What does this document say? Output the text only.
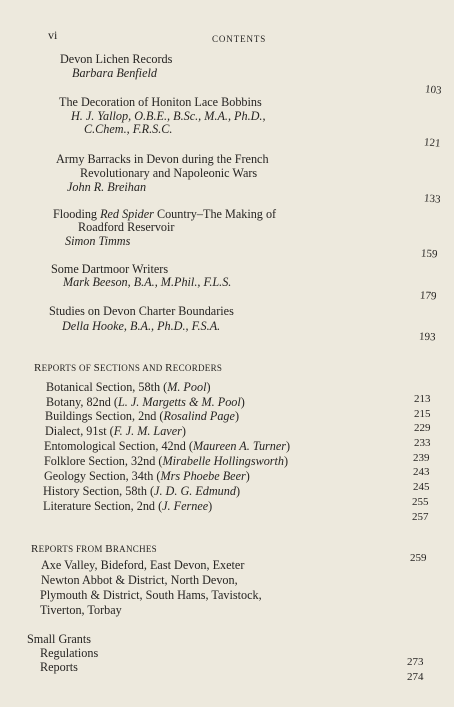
vi	CONTENTS
Devon Lichen Records
Barbara Benfield
103
The Decoration of Honiton Lace Bobbins
H. J. Yallop, O.B.E., B.Sc., M.A., Ph.D.,
C.Chem., F.R.S.C.
121
Army Barracks in Devon during the French
Revolutionary and Napoleonic Wars
John R. Breihan
133
Flooding Red Spider Country–The Making of
Roadford Reservoir
Simon Timms
159
Some Dartmoor Writers
Mark Beeson, B.A., M.Phil., F.L.S.
179
Studies on Devon Charter Boundaries
Della Hooke, B.A., Ph.D., F.S.A.
193
REPORTS OF SECTIONS AND RECORDERS
Botanical Section, 58th (M. Pool)
Botany, 82nd (L. J. Margetts & M. Pool)
Buildings Section, 2nd (Rosalind Page)
Dialect, 91st (F. J. M. Laver)
Entomological Section, 42nd (Maureen A. Turner)
Folklore Section, 32nd (Mirabelle Hollingsworth)
Geology Section, 34th (Mrs Phoebe Beer)
History Section, 58th (J. D. G. Edmund)
Literature Section, 2nd (J. Fernee)
213
215
229
233
239
243
245
255
257
REPORTS FROM BRANCHES
Axe Valley, Bideford, East Devon, Exeter
Newton Abbot & District, North Devon,
Plymouth & District, South Hams, Tavistock,
Tiverton, Torbay
259
Small Grants
Regulations
Reports	273
274
